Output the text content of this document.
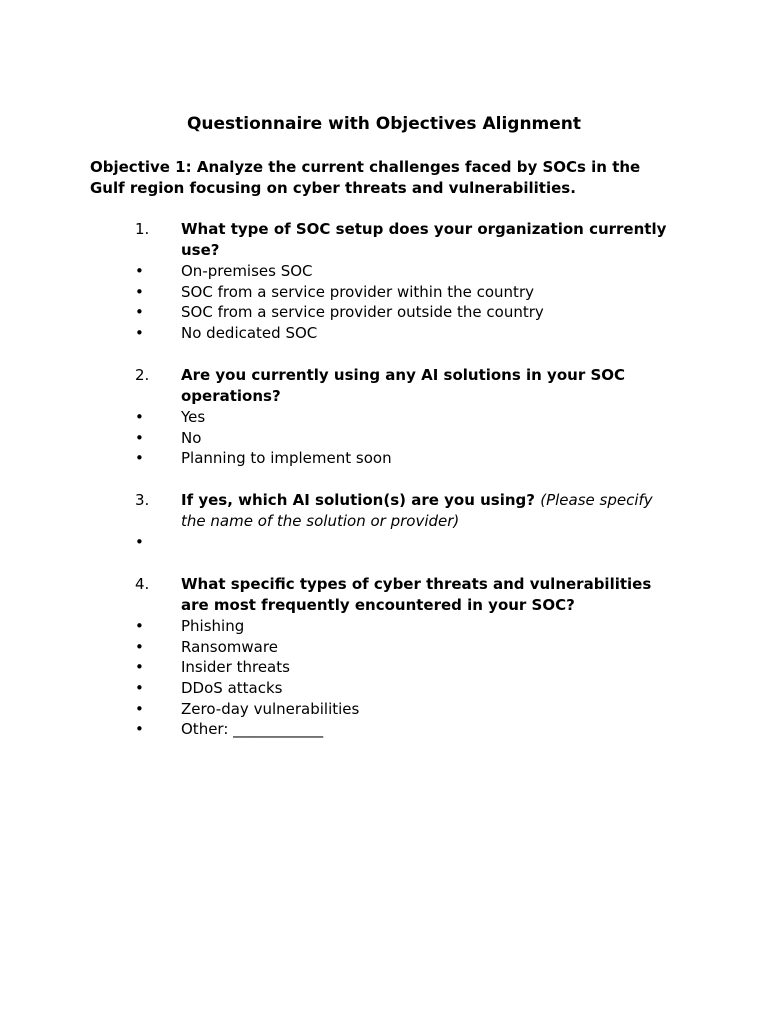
Questionnaire with Objectives Alignment
Objective 1: Analyze the current challenges faced by SOCs in the Gulf region focusing on cyber threats and vulnerabilities.
1. What type of SOC setup does your organization currently use?
• On-premises SOC
• SOC from a service provider within the country
• SOC from a service provider outside the country
• No dedicated SOC
2. Are you currently using any AI solutions in your SOC operations?
• Yes
• No
• Planning to implement soon
3. If yes, which AI solution(s) are you using? (Please specify the name of the solution or provider)
•
4. What specific types of cyber threats and vulnerabilities are most frequently encountered in your SOC?
• Phishing
• Ransomware
• Insider threats
• DDoS attacks
• Zero-day vulnerabilities
• Other: ____________
